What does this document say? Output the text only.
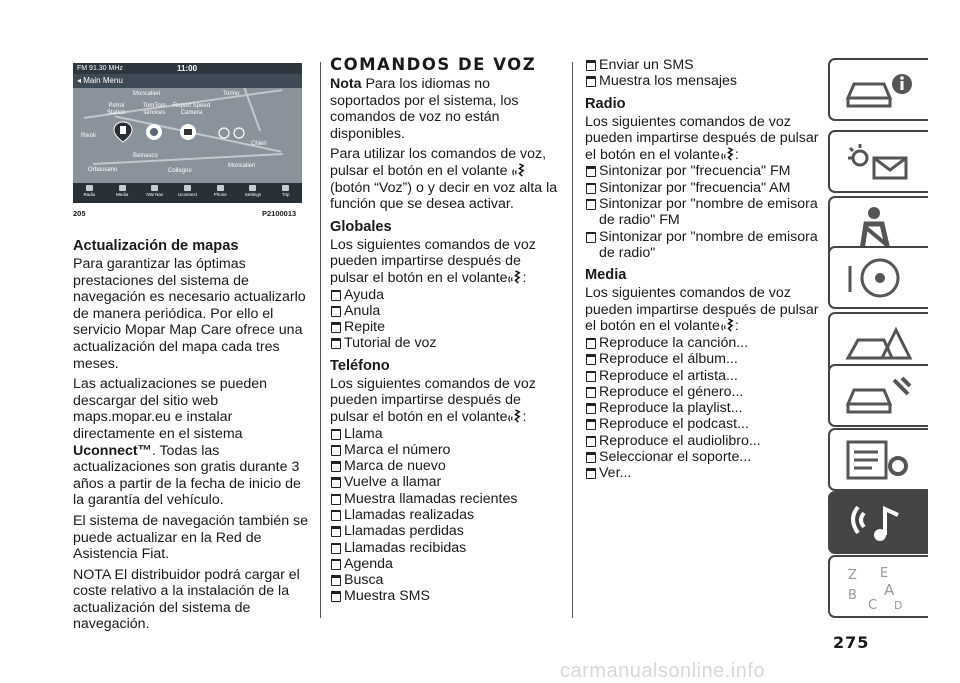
Moncalieri	Torino
Collegno
Moncalieri
Chieri
Rivoli
Beinasco
Orbassano
FM 91.30 MHz	11:00
◂ Main Menu
Petrol
Station
TomTom
services
Report Speed
Camera
Radio	Media	NW Nav	Uconnect	Phone	Settings	Trip
205	P2100013
Actualización de mapas

Para garantizar las óptimas prestaciones del sistema de navegación es necesario actualizarlo de manera periódica. Por ello el servicio Mopar Map Care ofrece una actualización del mapa cada tres meses.

Las actualizaciones se pueden descargar del sitio web maps.mopar.eu e instalar directamente en el sistema Uconnect™. Todas las actualizaciones son gratis durante 3 años a partir de la fecha de inicio de la garantía del vehículo.

El sistema de navegación también se puede actualizar en la Red de Asistencia Fiat.

NOTA El distribuidor podrá cargar el coste relativo a la instalación de la actualización del sistema de navegación.

COMANDOS DE VOZ

Nota Para los idiomas no soportados por el sistema, los comandos de voz no están disponibles.

Para utilizar los comandos de voz, pulsar el botón en el volante  (botón “Voz”) o y decir en voz alta la función que se desea activar.

Globales

Los siguientes comandos de voz pueden impartirse después de pulsar el botón en el volante :

Ayuda
Anula
Repite
Tutorial de voz
Teléfono

Los siguientes comandos de voz pueden impartirse después de pulsar el botón en el volante :

Llama
Marca el número
Marca de nuevo
Vuelve a llamar
Muestra llamadas recientes
Llamadas realizadas
Llamadas perdidas
Llamadas recibidas
Agenda
Busca
Muestra SMS
Enviar un SMS
Muestra los mensajes
Radio

Los siguientes comandos de voz pueden impartirse después de pulsar el botón en el volante :

Sintonizar por "frecuencia" FM
Sintonizar por "frecuencia" AM
Sintonizar por "nombre de emisora de radio" FM
Sintonizar por "nombre de emisora de radio"
Media

Los siguientes comandos de voz pueden impartirse después de pulsar el botón en el volante :

Reproduce la canción...
Reproduce el álbum...
Reproduce el artista...
Reproduce el género...
Reproduce la playlist...
Reproduce el podcast...
Reproduce el audiolibro...
Seleccionar el soporte...
Ver...
Z E
B
C
A
D
275
carmanualsonline.info
